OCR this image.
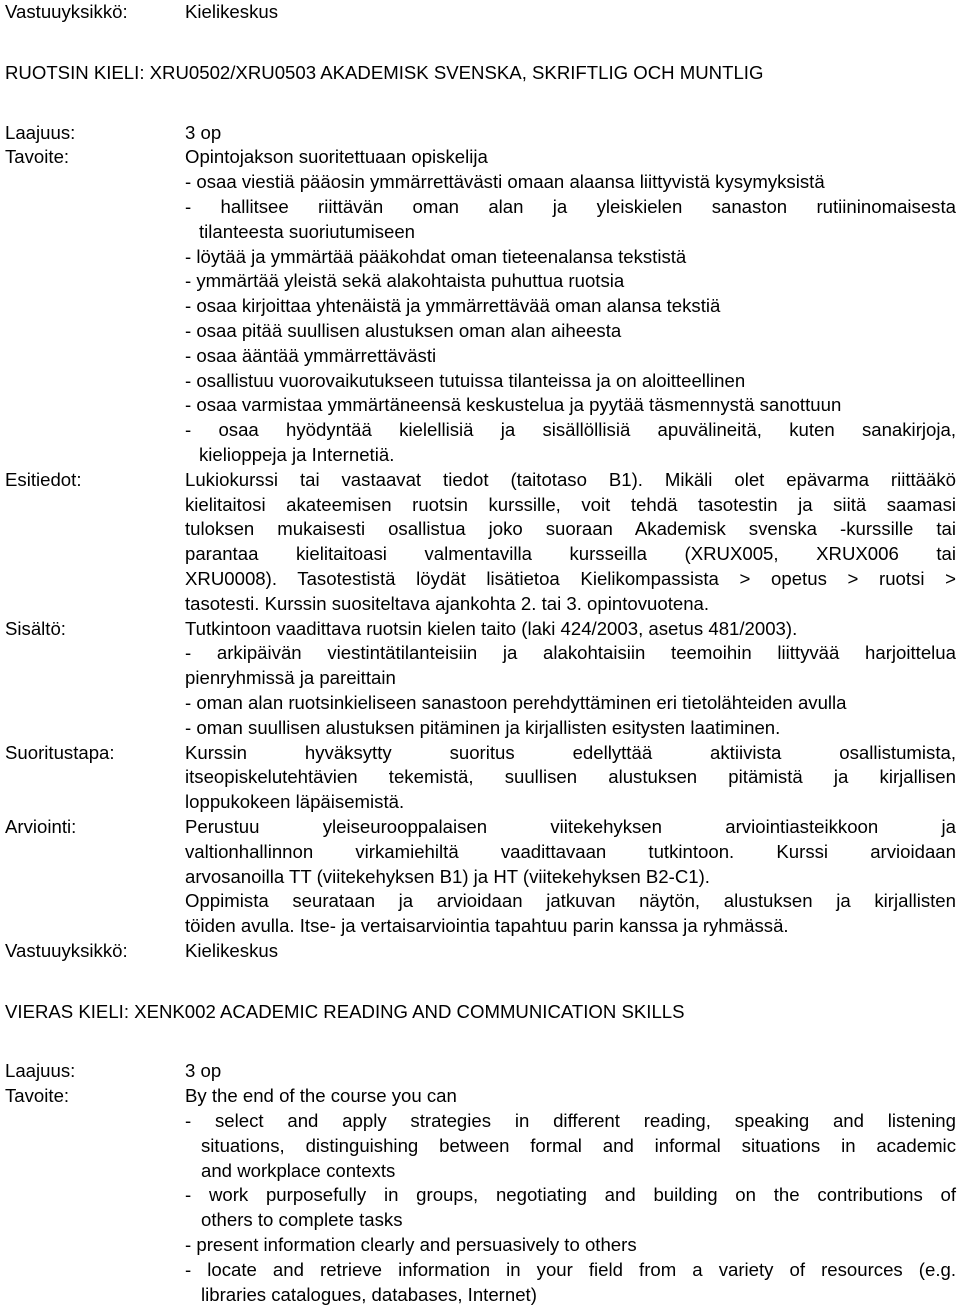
Vastuuyksikkö:	Kielikeskus
RUOTSIN KIELI: XRU0502/XRU0503 AKADEMISK SVENSKA, SKRIFTLIG OCH MUNTLIG
Laajuus:	3 op
Tavoite:	Opintojakson suoritettuaan opiskelija
- osaa viestiä pääosin ymmärrettävästi omaan alaansa liittyvistä kysymyksistä
- hallitsee riittävän oman alan ja yleiskielen sanaston rutiininomaisesta
tilanteesta suoriutumiseen
- löytää ja ymmärtää pääkohdat oman tieteenalansa tekstistä
- ymmärtää yleistä sekä alakohtaista puhuttua ruotsia
- osaa kirjoittaa yhtenäistä ja ymmärrettävää oman alansa tekstiä
- osaa pitää suullisen alustuksen oman alan aiheesta
- osaa ääntää ymmärrettävästi
- osallistuu vuorovaikutukseen tutuissa tilanteissa ja on aloitteellinen
- osaa varmistaa ymmärtäneensä keskustelua ja pyytää täsmennystä sanottuun
- osaa hyödyntää kielellisiä ja sisällöllisiä apuvälineitä, kuten sanakirjoja,
kielioppeja ja Internetiä.
Esitiedot:	Lukiokurssi tai vastaavat tiedot (taitotaso B1). Mikäli olet epävarma riittääkö
kielitaitosi akateemisen ruotsin kurssille, voit tehdä tasotestin ja siitä saamasi
tuloksen mukaisesti osallistua joko suoraan Akademisk svenska -kurssille tai
parantaa kielitaitoasi valmentavilla kursseilla (XRUX005, XRUX006 tai
XRU0008). Tasotestistä löydät lisätietoa Kielikompassista > opetus > ruotsi >
tasotesti. Kurssin suositeltava ajankohta 2. tai 3. opintovuotena.
Sisältö:	Tutkintoon vaadittava ruotsin kielen taito (laki 424/2003, asetus 481/2003).
- arkipäivän viestintätilanteisiin ja alakohtaisiin teemoihin liittyvää harjoittelua
pienryhmissä ja pareittain
- oman alan ruotsinkieliseen sanastoon perehdyttäminen eri tietolähteiden avulla
- oman suullisen alustuksen pitäminen ja kirjallisten esitysten laatiminen.
Suoritustapa:	Kurssin hyväksytty suoritus edellyttää aktiivista osallistumista,
itseopiskelutehtävien tekemistä, suullisen alustuksen pitämistä ja kirjallisen
loppukokeen läpäisemistä.
Arviointi:	Perustuu yleiseurooppalaisen viitekehyksen arviointiasteikkoon ja
valtionhallinnon virkamiehiltä vaadittavaan tutkintoon. Kurssi arvioidaan
arvosanoilla TT (viitekehyksen B1) ja HT (viitekehyksen B2-C1).
Oppimista seurataan ja arvioidaan jatkuvan näytön, alustuksen ja kirjallisten
töiden avulla. Itse- ja vertaisarviointia tapahtuu parin kanssa ja ryhmässä.
Vastuuyksikkö:	Kielikeskus
VIERAS KIELI: XENK002 ACADEMIC READING AND COMMUNICATION SKILLS
Laajuus:	3 op
Tavoite:	By the end of the course you can
- select and apply strategies in different reading, speaking and listening
situations, distinguishing between formal and informal situations in academic
and workplace contexts
- work purposefully in groups, negotiating and building on the contributions of
others to complete tasks
- present information clearly and persuasively to others
- locate and retrieve information in your field from a variety of resources (e.g.
libraries catalogues, databases, Internet)
